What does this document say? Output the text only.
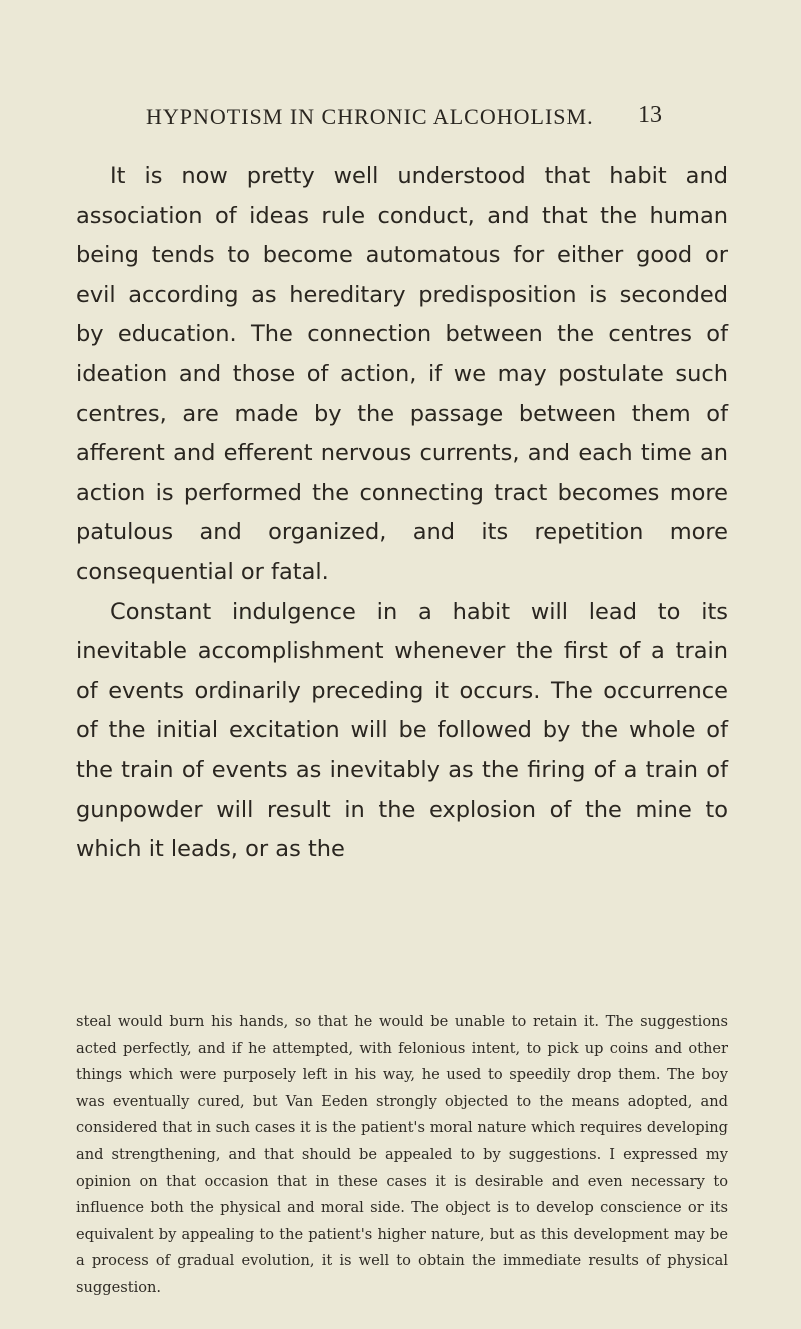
HYPNOTISM IN CHRONIC ALCOHOLISM. 13

It is now pretty well understood that habit and association of ideas rule conduct, and that the human being tends to become automatous for either good or evil according as hereditary predisposition is seconded by education. The connection between the centres of ideation and those of action, if we may postulate such centres, are made by the passage between them of afferent and efferent nervous currents, and each time an action is performed the connecting tract becomes more patulous and organized, and its repetition more consequential or fatal.

Constant indulgence in a habit will lead to its inevitable accomplishment whenever the first of a train of events ordinarily preceding it occurs. The occurrence of the initial excitation will be followed by the whole of the train of events as inevitably as the firing of a train of gunpowder will result in the explosion of the mine to which it leads, or as the

steal would burn his hands, so that he would be unable to retain it. The suggestions acted perfectly, and if he attempted, with felonious intent, to pick up coins and other things which were purposely left in his way, he used to speedily drop them. The boy was eventually cured, but Van Eeden strongly objected to the means adopted, and considered that in such cases it is the patient's moral nature which requires developing and strengthening, and that should be appealed to by suggestions. I expressed my opinion on that occasion that in these cases it is desirable and even necessary to influence both the physical and moral side. The object is to develop conscience or its equivalent by appealing to the patient's higher nature, but as this development may be a process of gradual evolution, it is well to obtain the immediate results of physical suggestion.
